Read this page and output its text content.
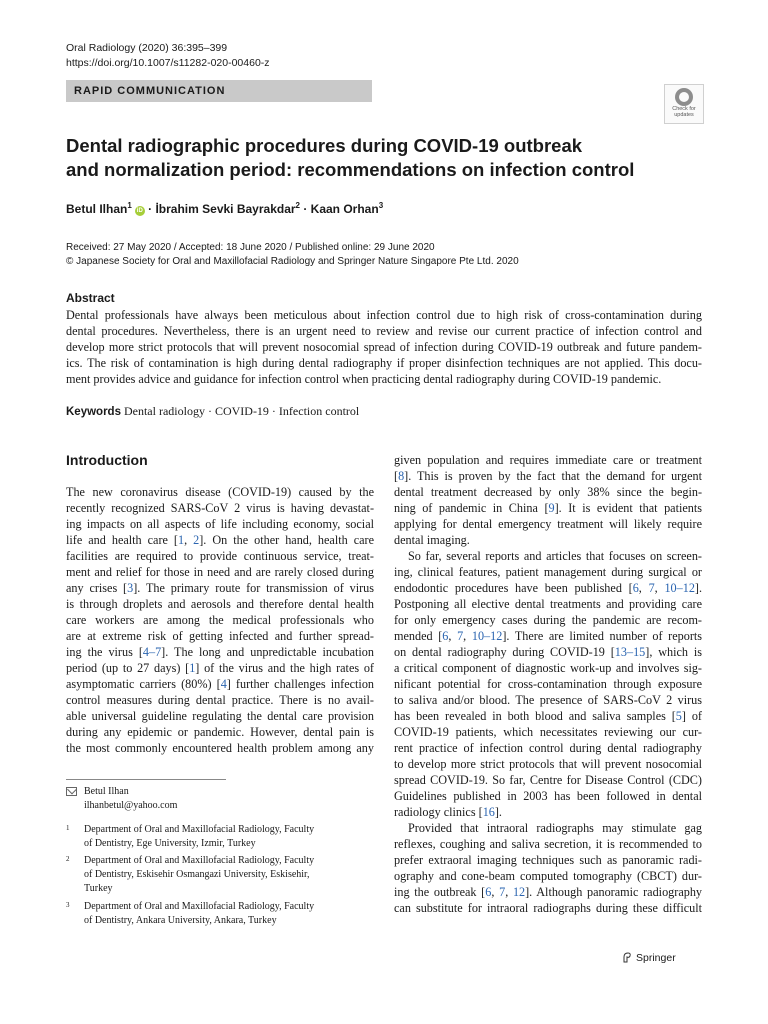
Oral Radiology (2020) 36:395–399
https://doi.org/10.1007/s11282-020-00460-z
RAPID COMMUNICATION
Check for
updates
Dental radiographic procedures during COVID-19 outbreak
and normalization period: recommendations on infection control
Betul Ilhan$^1$iD · İbrahim Sevki Bayrakdar$^2$ · Kaan Orhan$^3$
Received: 27 May 2020 / Accepted: 18 June 2020 / Published online: 29 June 2020
© Japanese Society for Oral and Maxillofacial Radiology and Springer Nature Singapore Pte Ltd. 2020
Abstract
Dental professionals have always been meticulous about infection control due to high risk of cross-contamination during
dental procedures. Nevertheless, there is an urgent need to review and revise our current practice of infection control and
develop more strict protocols that will prevent nosocomial spread of infection during COVID-19 outbreak and future pandem-
ics. The risk of contamination is high during dental radiography if proper disinfection techniques are not applied. This docu-
ment provides advice and guidance for infection control when practicing dental radiography during COVID-19 pandemic.
Keywords Dental radiology · COVID-19 · Infection control
Introduction
The new coronavirus disease (COVID-19) caused by the
recently recognized SARS-CoV 2 virus is having devastat-
ing impacts on all aspects of life including economy, social
life and health care [1, 2]. On the other hand, health care
facilities are required to provide continuous service, treat-
ment and relief for those in need and are rarely closed during
any crises [3]. The primary route for transmission of virus
is through droplets and aerosols and therefore dental health
care workers are among the medical professionals who
are at extreme risk of getting infected and further spread-
ing the virus [4–7]. The long and unpredictable incubation
period (up to 27 days) [1] of the virus and the high rates of
asymptomatic carriers (80%) [4] further challenges infection
control measures during dental practice. There is no avail-
able universal guideline regulating the dental care provision
during any epidemic or pandemic. However, dental pain is
the most commonly encountered health problem among any
given population and requires immediate care or treatment
[8]. This is proven by the fact that the demand for urgent
dental treatment decreased by only 38% since the begin-
ning of pandemic in China [9]. It is evident that patients
applying for dental emergency treatment will likely require
dental imaging.
So far, several reports and articles that focuses on screen-
ing, clinical features, patient management during surgical or
endodontic procedures have been published [6, 7, 10–12].
Postponing all elective dental treatments and providing care
for only emergency cases during the pandemic are recom-
mended [6, 7, 10–12]. There are limited number of reports
on dental radiography during COVID-19 [13–15], which is
a critical component of diagnostic work-up and involves sig-
nificant potential for cross-contamination through exposure
to saliva and/or blood. The presence of SARS-CoV 2 virus
has been revealed in both blood and saliva samples [5] of
COVID-19 patients, which necessitates reviewing our cur-
rent practice of infection control during dental radiography
to develop more strict protocols that will prevent nosocomial
spread COVID-19. So far, Centre for Disease Control (CDC)
Guidelines published in 2003 has been followed in dental
radiology clinics [16].
Provided that intraoral radiographs may stimulate gag
reflexes, coughing and saliva secretion, it is recommended to
prefer extraoral imaging techniques such as panoramic radi-
ography and cone-beam computed tomography (CBCT) dur-
ing the outbreak [6, 7, 12]. Although panoramic radiography
can substitute for intraoral radiographs during these difficult
Betul Ilhan
ilhanbetul@yahoo.com
1 Department of Oral and Maxillofacial Radiology, Faculty
of Dentistry, Ege University, Izmir, Turkey
2 Department of Oral and Maxillofacial Radiology, Faculty
of Dentistry, Eskisehir Osmangazi University, Eskisehir,
Turkey
3 Department of Oral and Maxillofacial Radiology, Faculty
of Dentistry, Ankara University, Ankara, Turkey
Springer
